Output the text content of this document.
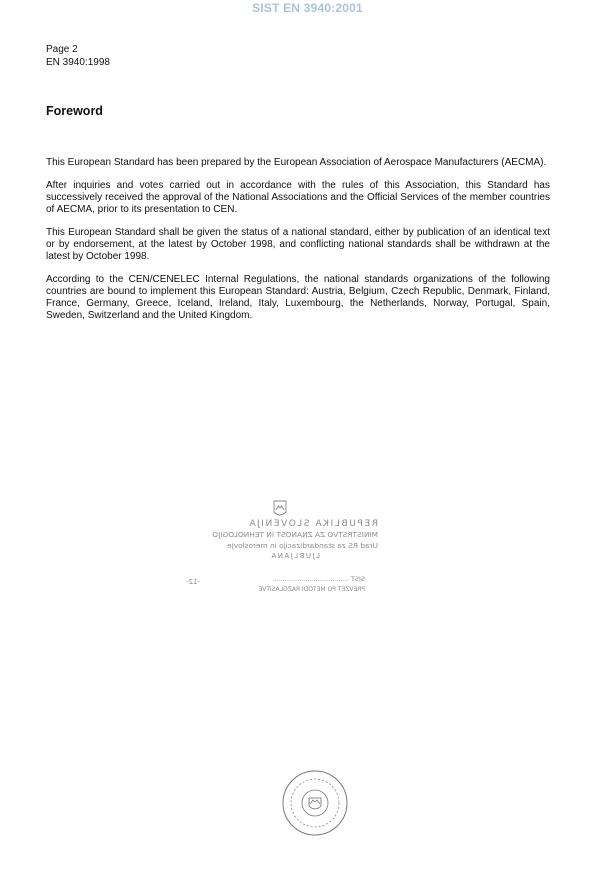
SIST EN 3940:2001
Page 2
EN 3940:1998
Foreword

This European Standard has been prepared by the European Association of Aerospace Manufacturers (AECMA).

After inquiries and votes carried out in accordance with the rules of this Association, this Standard has successively received the approval of the National Associations and the Official Services of the member countries of AECMA, prior to its presentation to CEN.

This European Standard shall be given the status of a national standard, either by publication of an identical text or by endorsement, at the latest by October 1998, and conflicting national standards shall be withdrawn at the latest by October 1998.

According to the CEN/CENELEC Internal Regulations, the national standards organizations of the following countries are bound to implement this European Standard: Austria, Belgium, Czech Republic, Denmark, Finland, France, Germany, Greece, Iceland, Ireland, Italy, Luxembourg, the Netherlands, Norway, Portugal, Spain, Sweden, Switzerland and the United Kingdom.

REPUBLIKA SLOVENIJA
MINISTRSTVO ZA ZNANOST IN TEHNOLOGIJO
Urad RS za standardizacijo in meroslovje
LJUBLJANA
SIST ....................................
PREVZET PO METODI RAZGLASITVE
-12-
